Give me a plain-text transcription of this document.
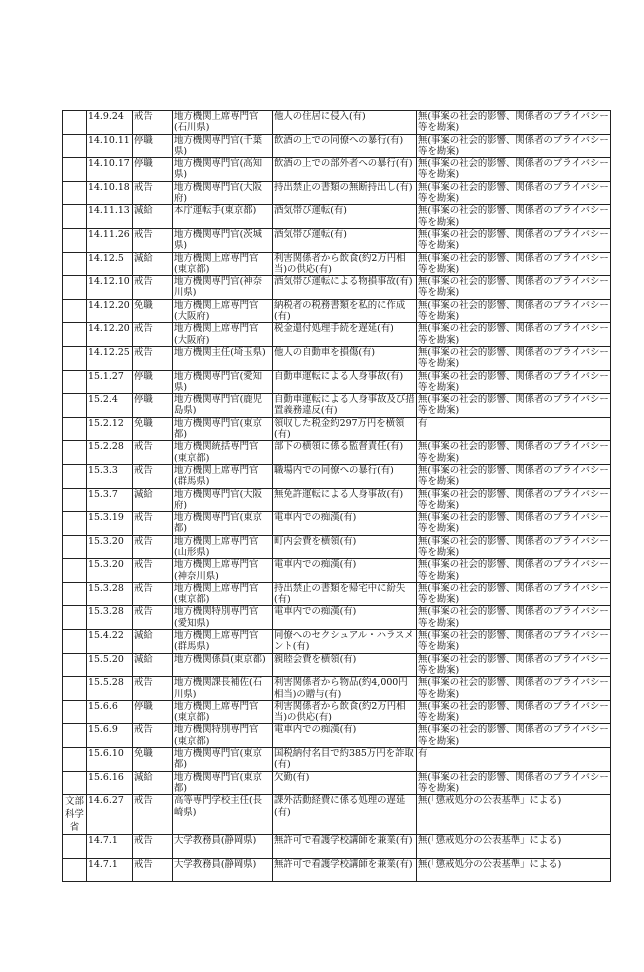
	14.9.24	戒告	地方機関上席専門官(石川県)	他人の住居に侵入(有)	無(事案の社会的影響、関係者のプライバシー等を勘案)
	14.10.11	停職	地方機関専門官(千葉県)	飲酒の上での同僚への暴行(有)	無(事案の社会的影響、関係者のプライバシー等を勘案)
	14.10.17	停職	地方機関専門官(高知県)	飲酒の上での部外者への暴行(有)	無(事案の社会的影響、関係者のプライバシー等を勘案)
	14.10.18	戒告	地方機関専門官(大阪府)	持出禁止の書類の無断持出し(有)	無(事案の社会的影響、関係者のプライバシー等を勘案)
	14.11.13	減給	本庁運転手(東京都)	酒気帯び運転(有)	無(事案の社会的影響、関係者のプライバシー等を勘案)
	14.11.26	戒告	地方機関専門官(茨城県)	酒気帯び運転(有)	無(事案の社会的影響、関係者のプライバシー等を勘案)
	14.12.5	減給	地方機関上席専門官(東京都)	利害関係者から飲食(約2万円相当)の供応(有)	無(事案の社会的影響、関係者のプライバシー等を勘案)
	14.12.10	戒告	地方機関専門官(神奈川県)	酒気帯び運転による物損事故(有)	無(事案の社会的影響、関係者のプライバシー等を勘案)
	14.12.20	免職	地方機関上席専門官(大阪府)	納税者の税務書類を私的に作成(有)	無(事案の社会的影響、関係者のプライバシー等を勘案)
	14.12.20	戒告	地方機関上席専門官(大阪府)	税金還付処理手続を遅延(有)	無(事案の社会的影響、関係者のプライバシー等を勘案)
	14.12.25	戒告	地方機関主任(埼玉県)	他人の自動車を損傷(有)	無(事案の社会的影響、関係者のプライバシー等を勘案)
	15.1.27	停職	地方機関専門官(愛知県)	自動車運転による人身事故(有)	無(事案の社会的影響、関係者のプライバシー等を勘案)
	15.2.4	停職	地方機関専門官(鹿児島県)	自動車運転による人身事故及び措置義務違反(有)	無(事案の社会的影響、関係者のプライバシー等を勘案)
	15.2.12	免職	地方機関専門官(東京都)	領収した税金約297万円を横領(有)	有
	15.2.28	戒告	地方機関統括専門官(東京都)	部下の横領に係る監督責任(有)	無(事案の社会的影響、関係者のプライバシー等を勘案)
	15.3.3	戒告	地方機関上席専門官(群馬県)	職場内での同僚への暴行(有)	無(事案の社会的影響、関係者のプライバシー等を勘案)
	15.3.7	減給	地方機関専門官(大阪府)	無免許運転による人身事故(有)	無(事案の社会的影響、関係者のプライバシー等を勘案)
	15.3.19	戒告	地方機関専門官(東京都)	電車内での痴漢(有)	無(事案の社会的影響、関係者のプライバシー等を勘案)
	15.3.20	戒告	地方機関上席専門官(山形県)	町内会費を横領(有)	無(事案の社会的影響、関係者のプライバシー等を勘案)
	15.3.20	戒告	地方機関上席専門官(神奈川県)	電車内での痴漢(有)	無(事案の社会的影響、関係者のプライバシー等を勘案)
	15.3.28	戒告	地方機関上席専門官(東京都)	持出禁止の書類を帰宅中に紛失(有)	無(事案の社会的影響、関係者のプライバシー等を勘案)
	15.3.28	戒告	地方機関特別専門官(愛知県)	電車内での痴漢(有)	無(事案の社会的影響、関係者のプライバシー等を勘案)
	15.4.22	減給	地方機関上席専門官(群馬県)	同僚へのセクシュアル・ハラスメント(有)	無(事案の社会的影響、関係者のプライバシー等を勘案)
	15.5.20	減給	地方機関係員(東京都)	親睦会費を横領(有)	無(事案の社会的影響、関係者のプライバシー等を勘案)
	15.5.28	戒告	地方機関課長補佐(石川県)	利害関係者から物品(約4,000円相当)の贈与(有)	無(事案の社会的影響、関係者のプライバシー等を勘案)
	15.6.6	停職	地方機関上席専門官(東京都)	利害関係者から飲食(約2万円相当)の供応(有)	無(事案の社会的影響、関係者のプライバシー等を勘案)
	15.6.9	戒告	地方機関特別専門官(東京都)	電車内での痴漢(有)	無(事案の社会的影響、関係者のプライバシー等を勘案)
	15.6.10	免職	地方機関専門官(東京都)	国税納付名目で約385万円を詐取(有)	有
	15.6.16	減給	地方機関専門官(東京都)	欠勤(有)	無(事案の社会的影響、関係者のプライバシー等を勘案)
文部科学省	14.6.27	戒告	高等専門学校主任(長崎県)	課外活動経費に係る処理の遅延(有)	無(「懲戒処分の公表基準」による)
	14.7.1	戒告	大学教務員(静岡県)	無許可で看護学校講師を兼業(有)	無(「懲戒処分の公表基準」による)
	14.7.1	戒告	大学教務員(静岡県)	無許可で看護学校講師を兼業(有)	無(「懲戒処分の公表基準」による)
